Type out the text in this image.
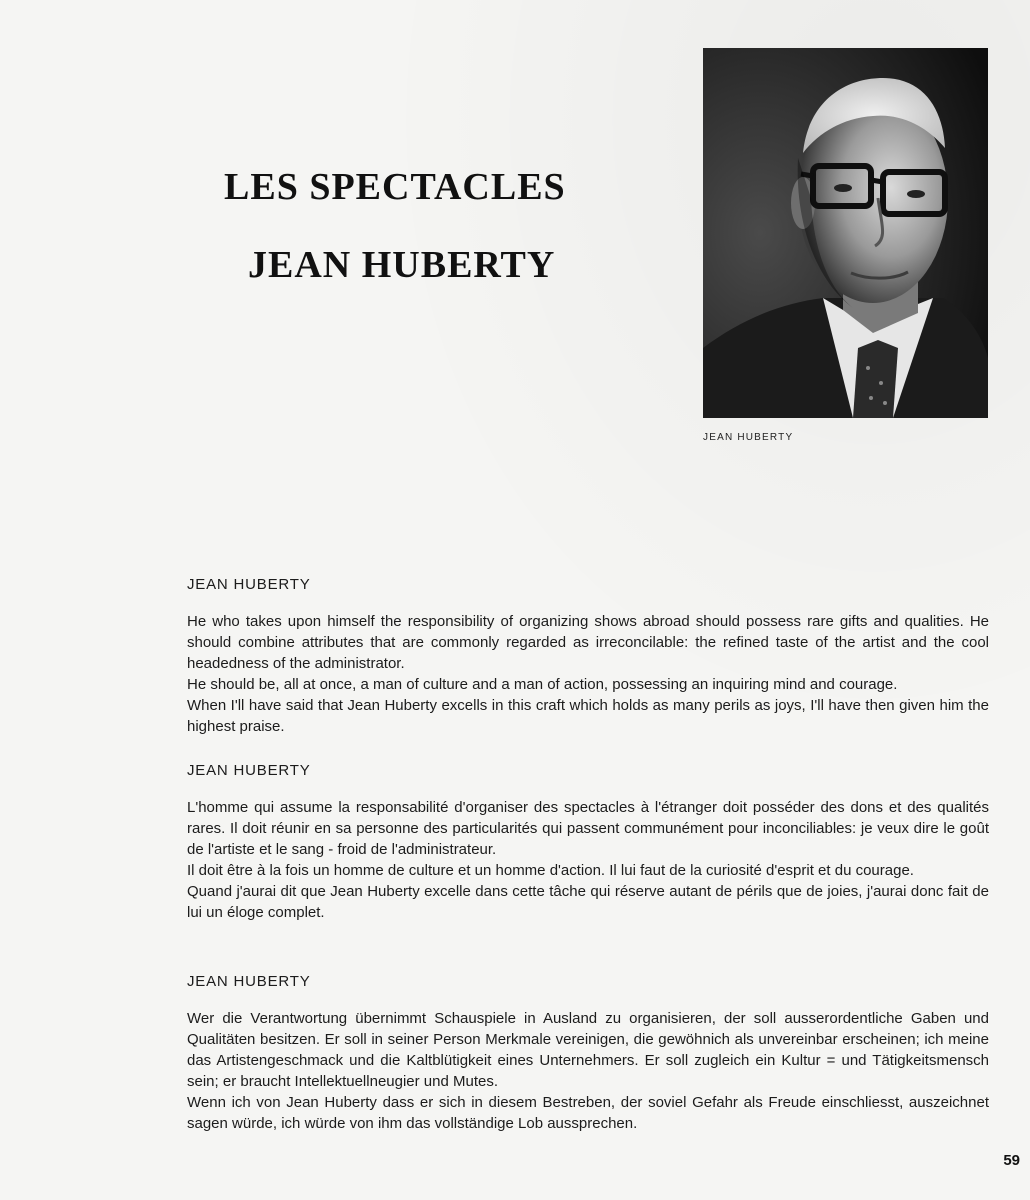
LES SPECTACLES
JEAN HUBERTY
JEAN HUBERTY
JEAN HUBERTY

He who takes upon himself the responsibility of organizing shows abroad should possess rare gifts and qualities. He should combine attributes that are commonly regarded as irreconcilable: the refined taste of the artist and the cool headedness of the administrator.

He should be, all at once, a man of culture and a man of action, possessing an inquiring mind and courage.

When I'll have said that Jean Huberty excells in this craft which holds as many perils as joys, I'll have then given him the highest praise.

JEAN HUBERTY

L'homme qui assume la responsabilité d'organiser des spectacles à l'étranger doit posséder des dons et des qualités rares. Il doit réunir en sa personne des particularités qui passent communément pour inconciliables: je veux dire le goût de l'artiste et le sang - froid de l'administrateur.

Il doit être à la fois un homme de culture et un homme d'action. Il lui faut de la curiosité d'esprit et du courage.

Quand j'aurai dit que Jean Huberty excelle dans cette tâche qui réserve autant de périls que de joies, j'aurai donc fait de lui un éloge complet.

JEAN HUBERTY

Wer die Verantwortung übernimmt Schauspiele in Ausland zu organisieren, der soll ausserordentliche Gaben und Qualitäten besitzen. Er soll in seiner Person Merkmale vereinigen, die gewöhnich als unvereinbar erscheinen; ich meine das Artistengeschmack und die Kaltblütigkeit eines Unternehmers. Er soll zugleich ein Kultur = und Tätigkeitsmensch sein; er braucht Intellektuellneugier und Mutes.

Wenn ich von Jean Huberty dass er sich in diesem Bestreben, der soviel Gefahr als Freude einschliesst, auszeichnet sagen würde, ich würde von ihm das vollständige Lob aussprechen.

59
